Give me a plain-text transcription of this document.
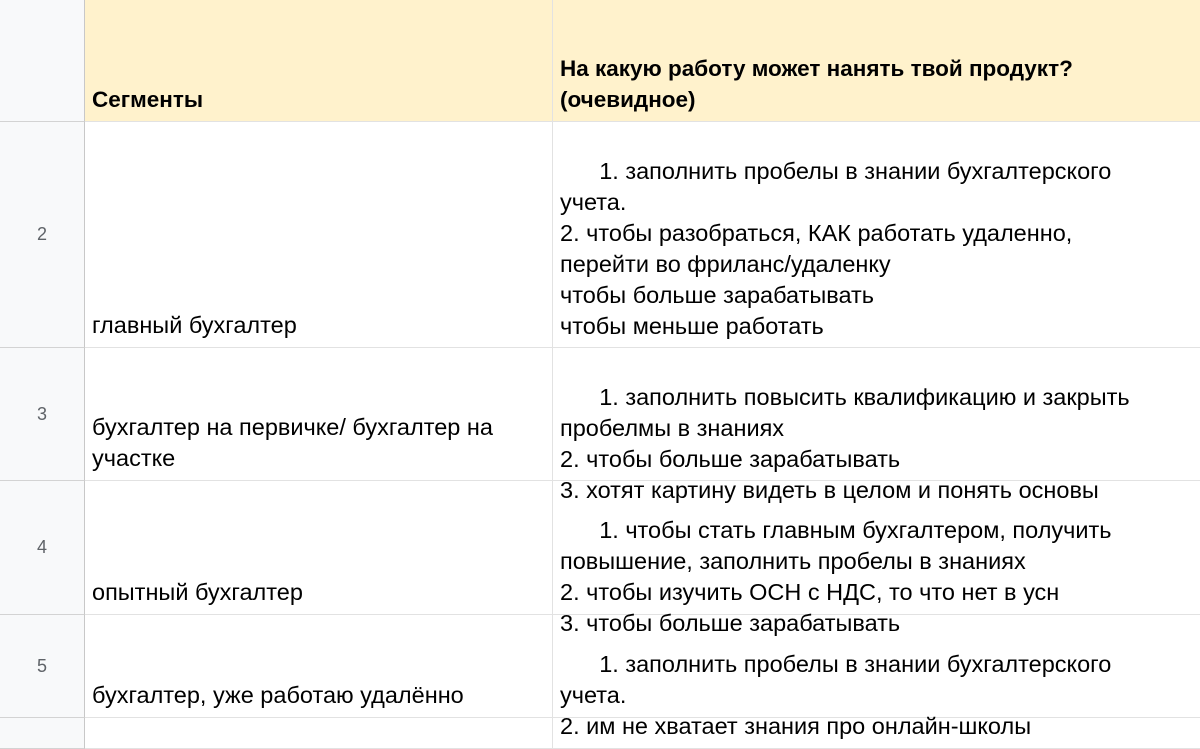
Сегменты
На какую работу может нанять твой продукт?
(очевидное)
2
главный бухгалтер

1. заполнить пробелы в знании бухгалтерского
учета.
2. чтобы разобраться, КАК работать удаленно,
перейти во фриланс/удаленку
чтобы больше зарабатывать
чтобы меньше работать

3
бухгалтер на первичке/ бухгалтер на
участке

1. заполнить повысить квалификацию и закрыть
пробелмы в знаниях
2. чтобы больше зарабатывать
3. хотят картину видеть в целом и понять основы

4
опытный бухгалтер

1. чтобы стать главным бухгалтером, получить
повышение, заполнить пробелы в знаниях
2. чтобы изучить ОСН с НДС, то что нет в усн
3. чтобы больше зарабатывать

5
бухгалтер, уже работаю удалённо

1. заполнить пробелы в знании бухгалтерского
учета.
2. им не хватает знания про онлайн-школы
